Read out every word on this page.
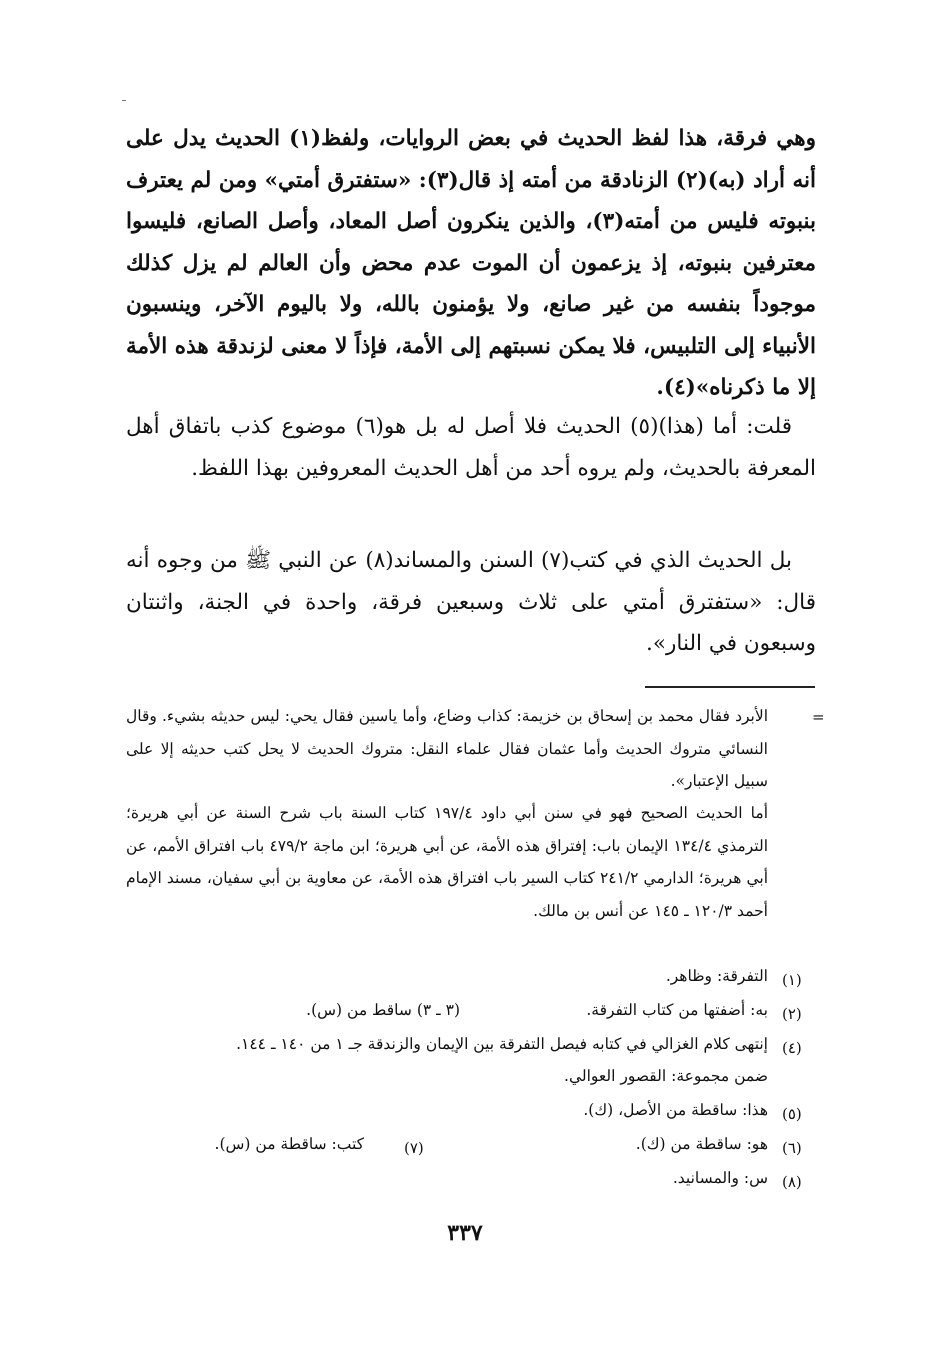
وهي فرقة، هذا لفظ الحديث في بعض الروايات، ولفظ(١) الحديث يدل على أنه أراد (به)(٢) الزنادقة من أمته إذ قال(٣): «ستفترق أمتي» ومن لم يعترف بنبوته فليس من أمته(٣)، والذين ينكرون أصل المعاد، وأصل الصانع، فليسوا معترفين بنبوته، إذ يزعمون أن الموت عدم محض وأن العالم لم يزل كذلك موجوداً بنفسه من غير صانع، ولا يؤمنون بالله، ولا باليوم الآخر، وينسبون الأنبياء إلى التلبيس، فلا يمكن نسبتهم إلى الأمة، فإذاً لا معنى لزندقة هذه الأمة إلا ما ذكرناه»(٤).
قلت: أما (هذا)(٥) الحديث فلا أصل له بل هو(٦) موضوع كذب باتفاق أهل المعرفة بالحديث، ولم يروه أحد من أهل الحديث المعروفين بهذا اللفظ.
بل الحديث الذي في كتب(٧) السنن والمساند(٨) عن النبي ﷺ من وجوه أنه قال: «ستفترق أمتي على ثلاث وسبعين فرقة، واحدة في الجنة، واثنتان وسبعون في النار».
=
الأبرد فقال محمد بن إسحاق بن خزيمة: كذاب وضاع، وأما ياسين فقال يحي: ليس حديثه بشيء. وقال النسائي متروك الحديث وأما عثمان فقال علماء النقل: متروك الحديث لا يحل كتب حديثه إلا على سبيل الإعتبار».
أما الحديث الصحيح فهو في سنن أبي داود ١٩٧/٤ كتاب السنة باب شرح السنة عن أبي هريرة؛ الترمذي ١٣٤/٤ الإيمان باب: إفتراق هذه الأمة، عن أبي هريرة؛ ابن ماجة ٤٧٩/٢ باب افتراق الأمم، عن أبي هريرة؛ الدارمي ٢٤١/٢ كتاب السير باب افتراق هذه الأمة، عن معاوية بن أبي سفيان، مسند الإمام أحمد ١٢٠/٣ ـ ١٤٥ عن أنس بن مالك.
(١)
التفرقة: وظاهر.
(٢)
به: أضفتها من كتاب التفرقة.
(٣ ـ ٣) ساقط من (س).
(٤)
إنتهى كلام الغزالي في كتابه فيصل التفرقة بين الإيمان والزندقة جـ ١ من ١٤٠ ـ ١٤٤.
ضمن مجموعة: القصور العوالي.
(٥)
هذا: ساقطة من الأصل، (ك).
(٦)
هو: ساقطة من (ك).
(٧)
كتب: ساقطة من (س).
(٨)
س: والمسانيد.
٣٣٧
